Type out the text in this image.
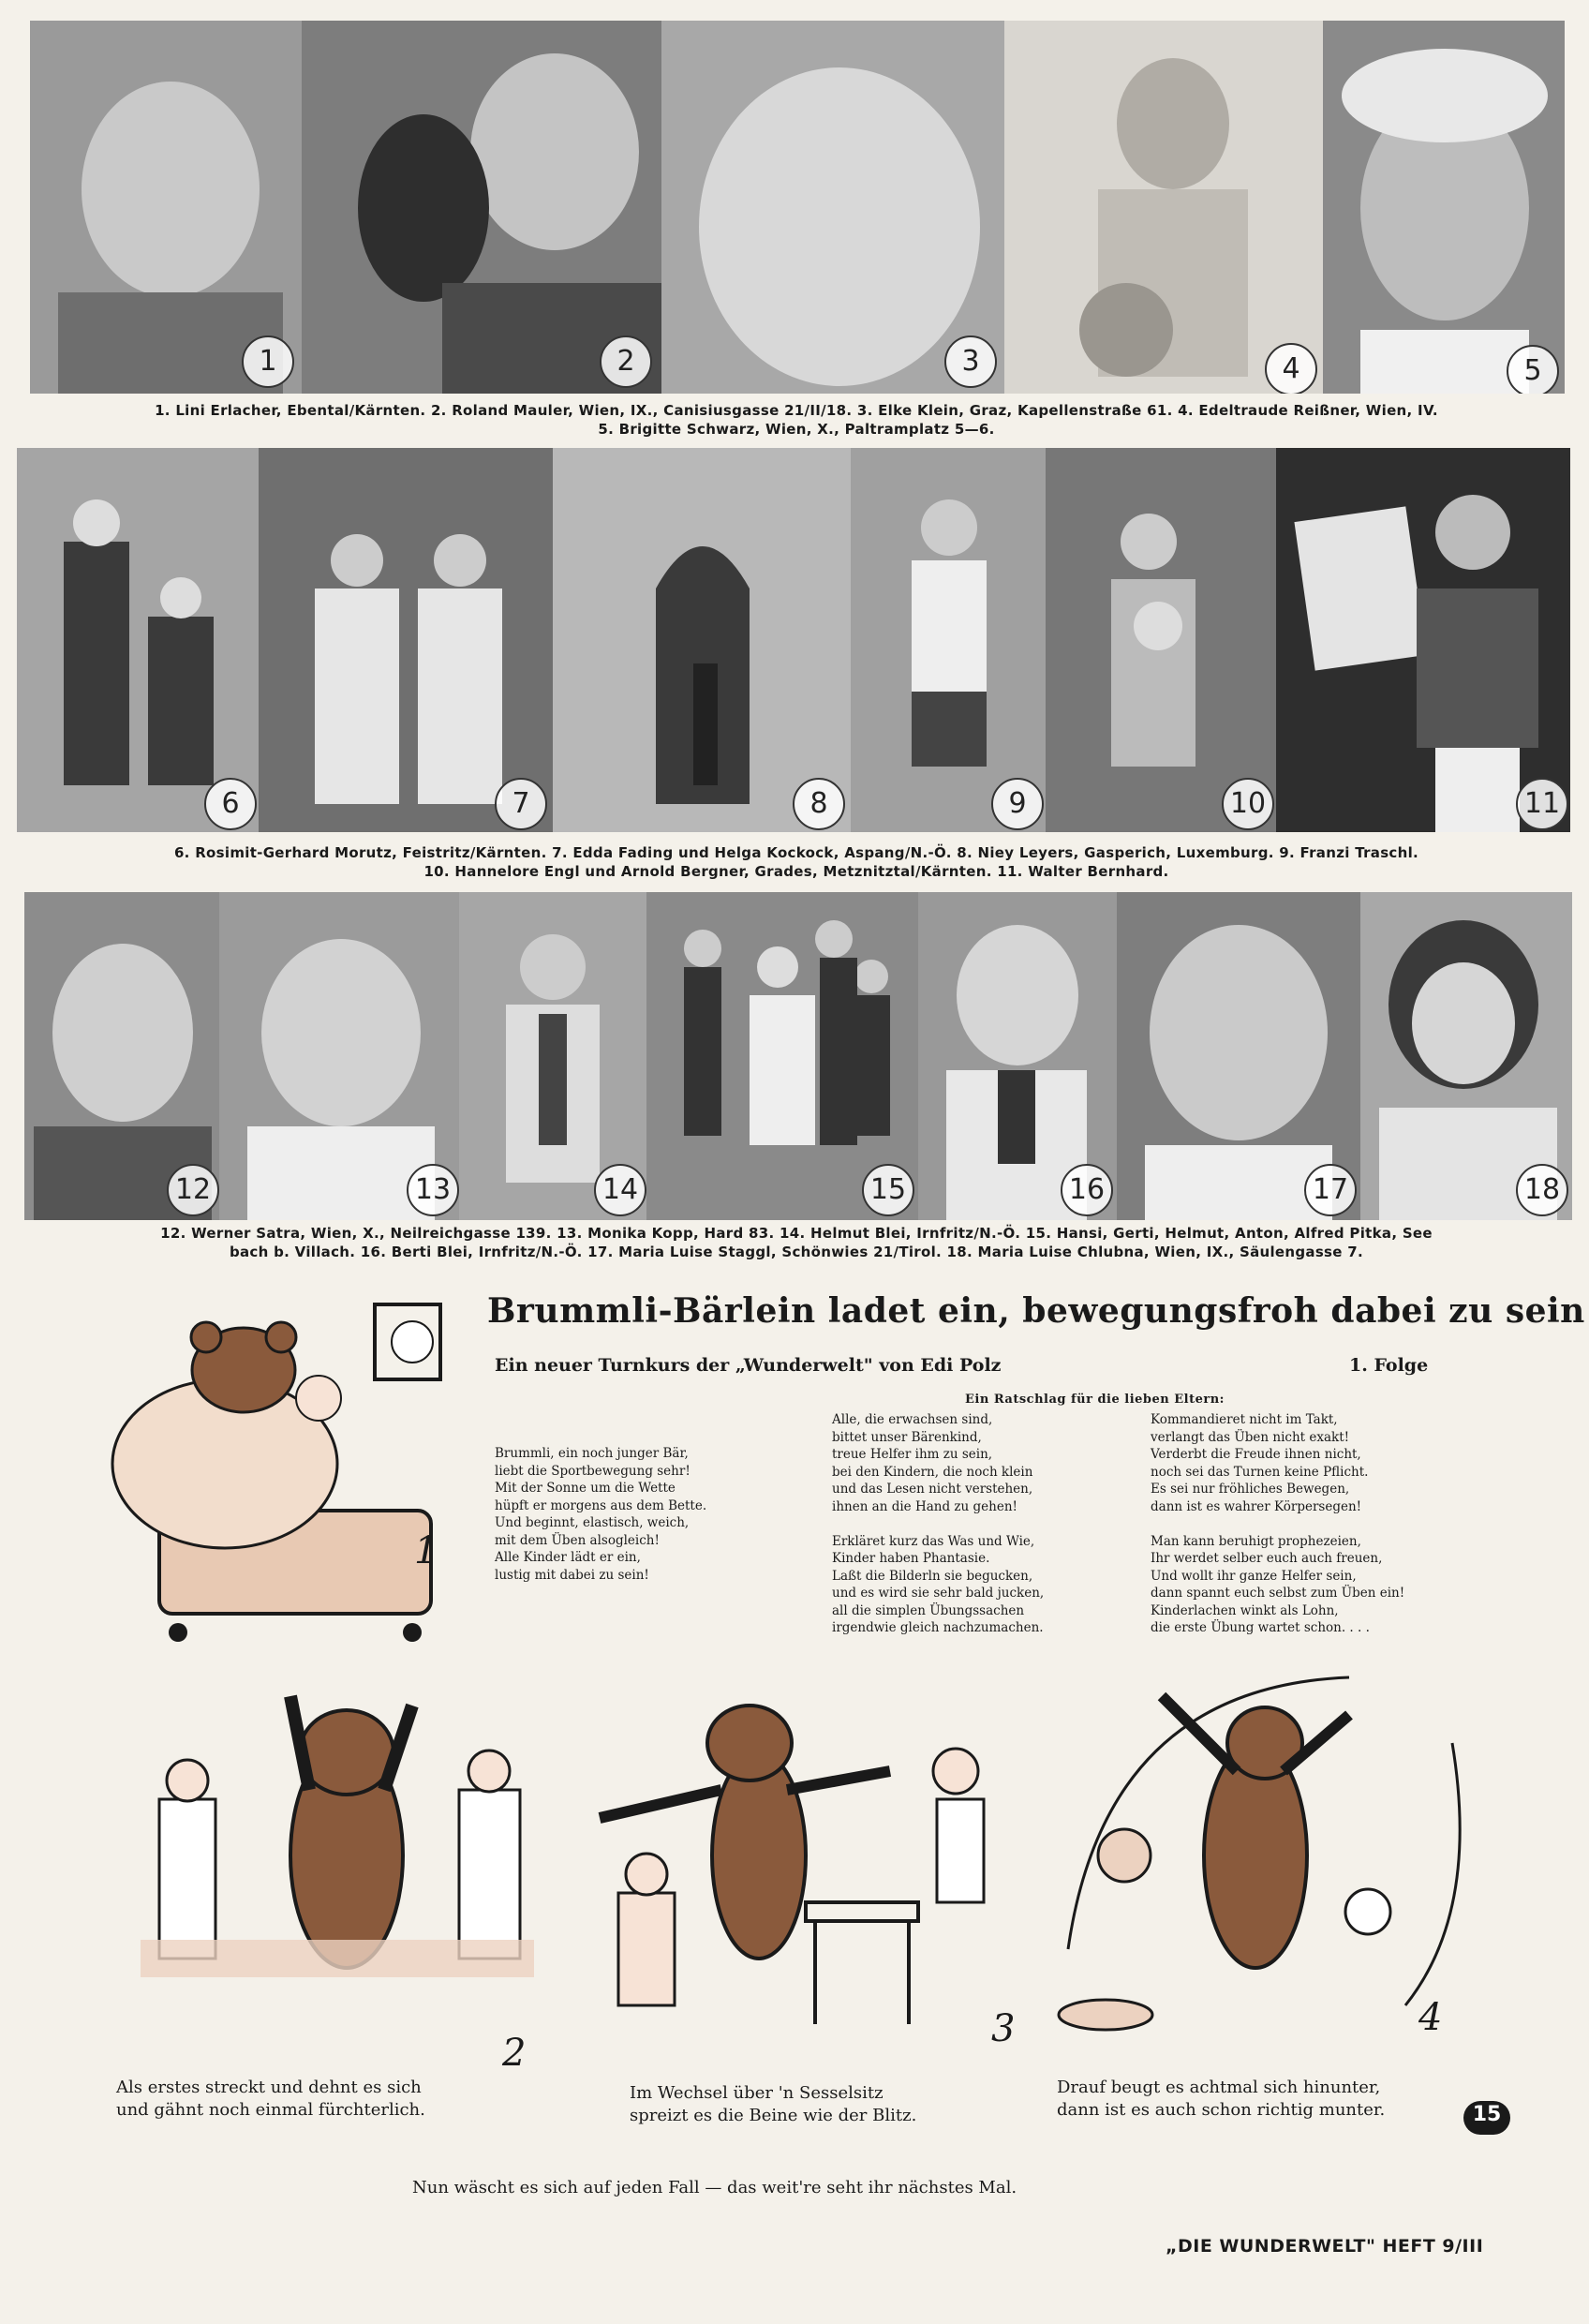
1	2	3	4	5
1. Lini Erlacher, Ebental/Kärnten. 2. Roland Mauler, Wien, IX., Canisiusgasse 21/II/18. 3. Elke Klein, Graz, Kapellenstraße 61. 4. Edeltraude Reißner, Wien, IV.
5. Brigitte Schwarz, Wien, X., Paltramplatz 5—6.
6	7	8	9	10	11
6. Rosimit-Gerhard Morutz, Feistritz/Kärnten. 7. Edda Fading und Helga Kockock, Aspang/N.-Ö. 8. Niey Leyers, Gasperich, Luxemburg. 9. Franzi Traschl.
10. Hannelore Engl und Arnold Bergner, Grades, Metznitztal/Kärnten. 11. Walter Bernhard.
12	13	14	15	16	17	18
12. Werner Satra, Wien, X., Neilreichgasse 139. 13. Monika Kopp, Hard 83. 14. Helmut Blei, Irnfritz/N.-Ö. 15. Hansi, Gerti, Helmut, Anton, Alfred Pitka, See
bach b. Villach. 16. Berti Blei, Irnfritz/N.-Ö. 17. Maria Luise Staggl, Schönwies 21/Tirol. 18. Maria Luise Chlubna, Wien, IX., Säulengasse 7.
Brummli-Bärlein ladet ein, bewegungsfroh dabei zu sein
Ein neuer Turnkurs der „Wunderwelt" von Edi Polz	1. Folge
Ein Ratschlag für die lieben Eltern:
1
Brummli, ein noch junger Bär,
liebt die Sportbewegung sehr!
Mit der Sonne um die Wette
hüpft er morgens aus dem Bette.
Und beginnt, elastisch, weich,
mit dem Üben alsogleich!
Alle Kinder lädt er ein,
lustig mit dabei zu sein!
Alle, die erwachsen sind,
bittet unser Bärenkind,
treue Helfer ihm zu sein,
bei den Kindern, die noch klein
und das Lesen nicht verstehen,
ihnen an die Hand zu gehen!

Erkläret kurz das Was und Wie,
Kinder haben Phantasie.
Laßt die Bilderln sie begucken,
und es wird sie sehr bald jucken,
all die simplen Übungssachen
irgendwie gleich nachzumachen.
Kommandieret nicht im Takt,
verlangt das Üben nicht exakt!
Verderbt die Freude ihnen nicht,
noch sei das Turnen keine Pflicht.
Es sei nur fröhliches Bewegen,
dann ist es wahrer Körpersegen!

Man kann beruhigt prophezeien,
Ihr werdet selber euch auch freuen,
Und wollt ihr ganze Helfer sein,
dann spannt euch selbst zum Üben ein!
Kinderlachen winkt als Lohn,
die erste Übung wartet schon. . . .
2
3	4
Als erstes streckt und dehnt es sich
und gähnt noch einmal fürchterlich.
Im Wechsel über 'n Sesselsitz
spreizt es die Beine wie der Blitz.
Drauf beugt es achtmal sich hinunter,
dann ist es auch schon richtig munter.	15
Nun wäscht es sich auf jeden Fall — das weit're seht ihr nächstes Mal.
„DIE WUNDERWELT" HEFT 9/III
